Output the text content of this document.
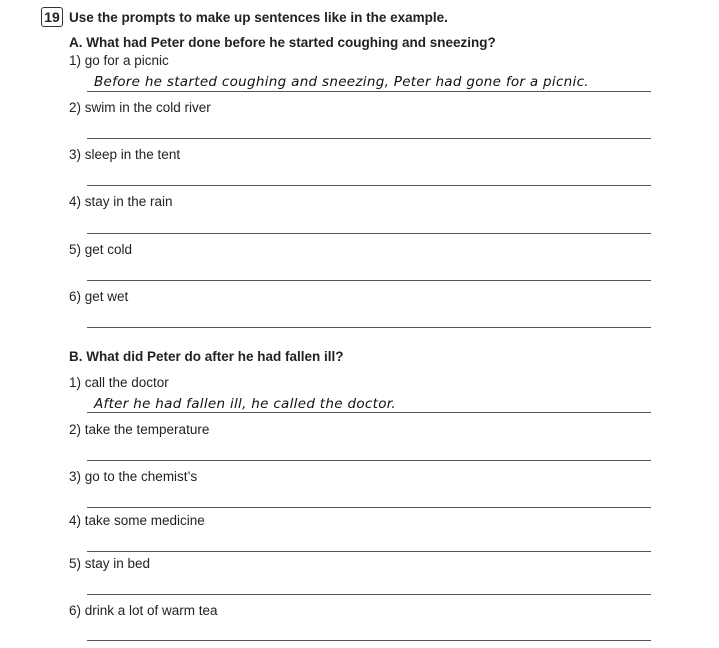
19 Use the prompts to make up sentences like in the example.
A. What had Peter done before he started coughing and sneezing?
1) go for a picnic
Before he started coughing and sneezing, Peter had gone for a picnic.
2) swim in the cold river
3) sleep in the tent
4) stay in the rain
5) get cold
6) get wet
B. What did Peter do after he had fallen ill?
1) call the doctor
After he had fallen ill, he called the doctor.
2) take the temperature
3) go to the chemist’s
4) take some medicine
5) stay in bed
6) drink a lot of warm tea
